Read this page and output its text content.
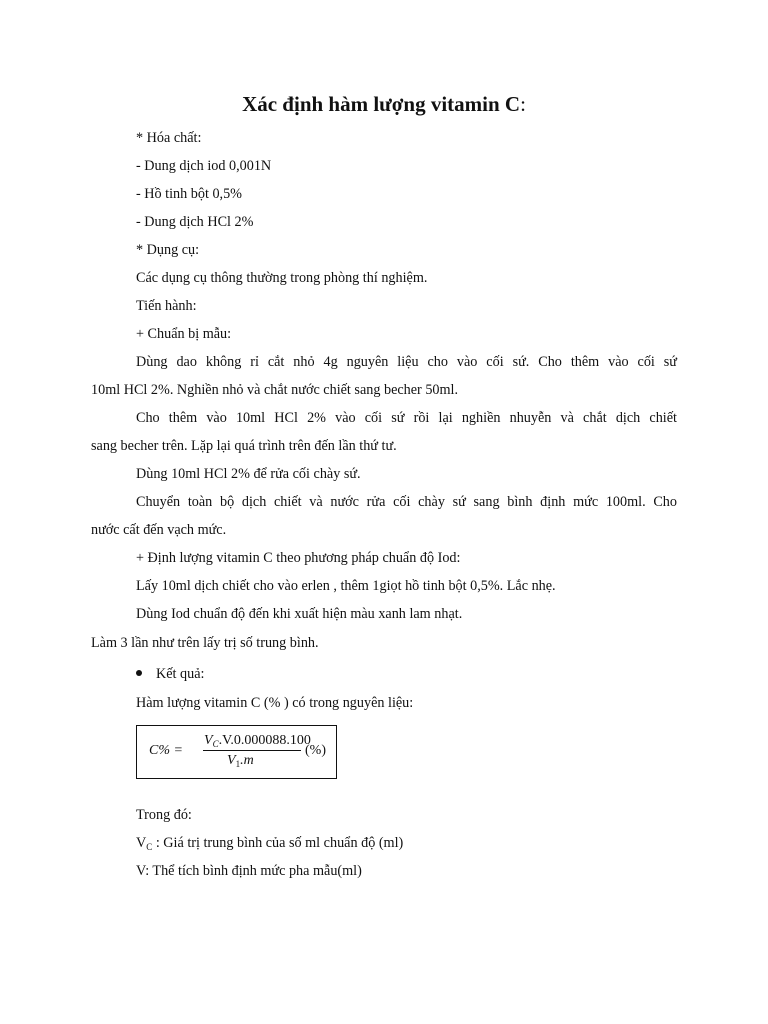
Xác định hàm lượng vitamin C:
* Hóa chất:
- Dung dịch iod 0,001N
- Hồ tinh bột 0,5%
- Dung dịch HCl 2%
* Dụng cụ:
Các dụng cụ thông thường trong phòng thí nghiệm.
Tiến hành:
+ Chuẩn bị mẫu:
Dùng dao không rỉ cắt nhỏ 4g nguyên liệu cho vào cối sứ. Cho thêm vào cối sứ
10ml HCl 2%. Nghiền nhỏ và chắt nước chiết sang becher 50ml.
Cho thêm vào 10ml HCl 2% vào cối sứ rồi lại nghiền nhuyễn và chắt dịch chiết
sang becher trên. Lặp lại quá trình trên đến lần thứ tư.
Dùng 10ml HCl 2% để rửa cối chày sứ.
Chuyển toàn bộ dịch chiết và nước rửa cối chày sứ sang bình định mức 100ml. Cho
nước cất đến vạch mức.
+ Định lượng vitamin C theo phương pháp chuẩn độ Iod:
Lấy 10ml dịch chiết cho vào erlen , thêm 1giọt hồ tinh bột 0,5%. Lắc nhẹ.
Dùng Iod chuẩn độ đến khi xuất hiện màu xanh lam nhạt.
Làm 3 lần như trên lấy trị số trung bình.
Kết quả:
Hàm lượng vitamin C (% ) có trong nguyên liệu:
C% =
$V_C.V.0.000088.100$
$V_1.m$
(%)
Trong đó:
$V_C$ : Giá trị trung bình của số ml chuẩn độ (ml)
V: Thể tích bình định mức pha mẫu(ml)
